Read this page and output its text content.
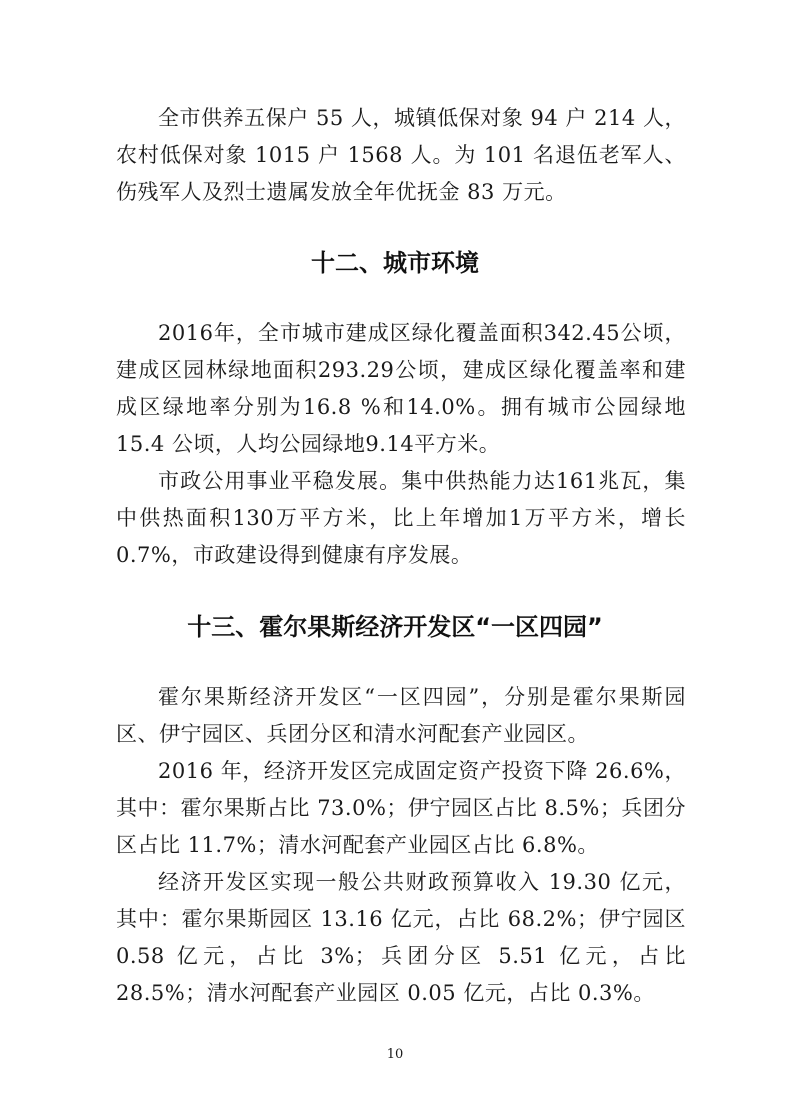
全市供养五保户 55 人，城镇低保对象 94 户 214 人，农村低保对象 1015 户 1568 人。为 101 名退伍老军人、伤残军人及烈士遗属发放全年优抚金 83 万元。

十二、城市环境

2016年，全市城市建成区绿化覆盖面积342.45公顷，建成区园林绿地面积293.29公顷，建成区绿化覆盖率和建成区绿地率分别为16.8 %和14.0%。拥有城市公园绿地 15.4 公顷，人均公园绿地9.14平方米。

市政公用事业平稳发展。集中供热能力达161兆瓦，集中供热面积130万平方米，比上年增加1万平方米，增长0.7%，市政建设得到健康有序发展。

十三、霍尔果斯经济开发区“一区四园”

霍尔果斯经济开发区“一区四园”，分别是霍尔果斯园区、伊宁园区、兵团分区和清水河配套产业园区。

2016 年，经济开发区完成固定资产投资下降 26.6%，其中：霍尔果斯占比 73.0%；伊宁园区占比 8.5%；兵团分区占比 11.7%；清水河配套产业园区占比 6.8%。

经济开发区实现一般公共财政预算收入 19.30 亿元，其中：霍尔果斯园区 13.16 亿元，占比 68.2%；伊宁园区 0.58 亿元，占比 3%；兵团分区 5.51 亿元，占比 28.5%；清水河配套产业园区 0.05 亿元，占比 0.3%。

10
